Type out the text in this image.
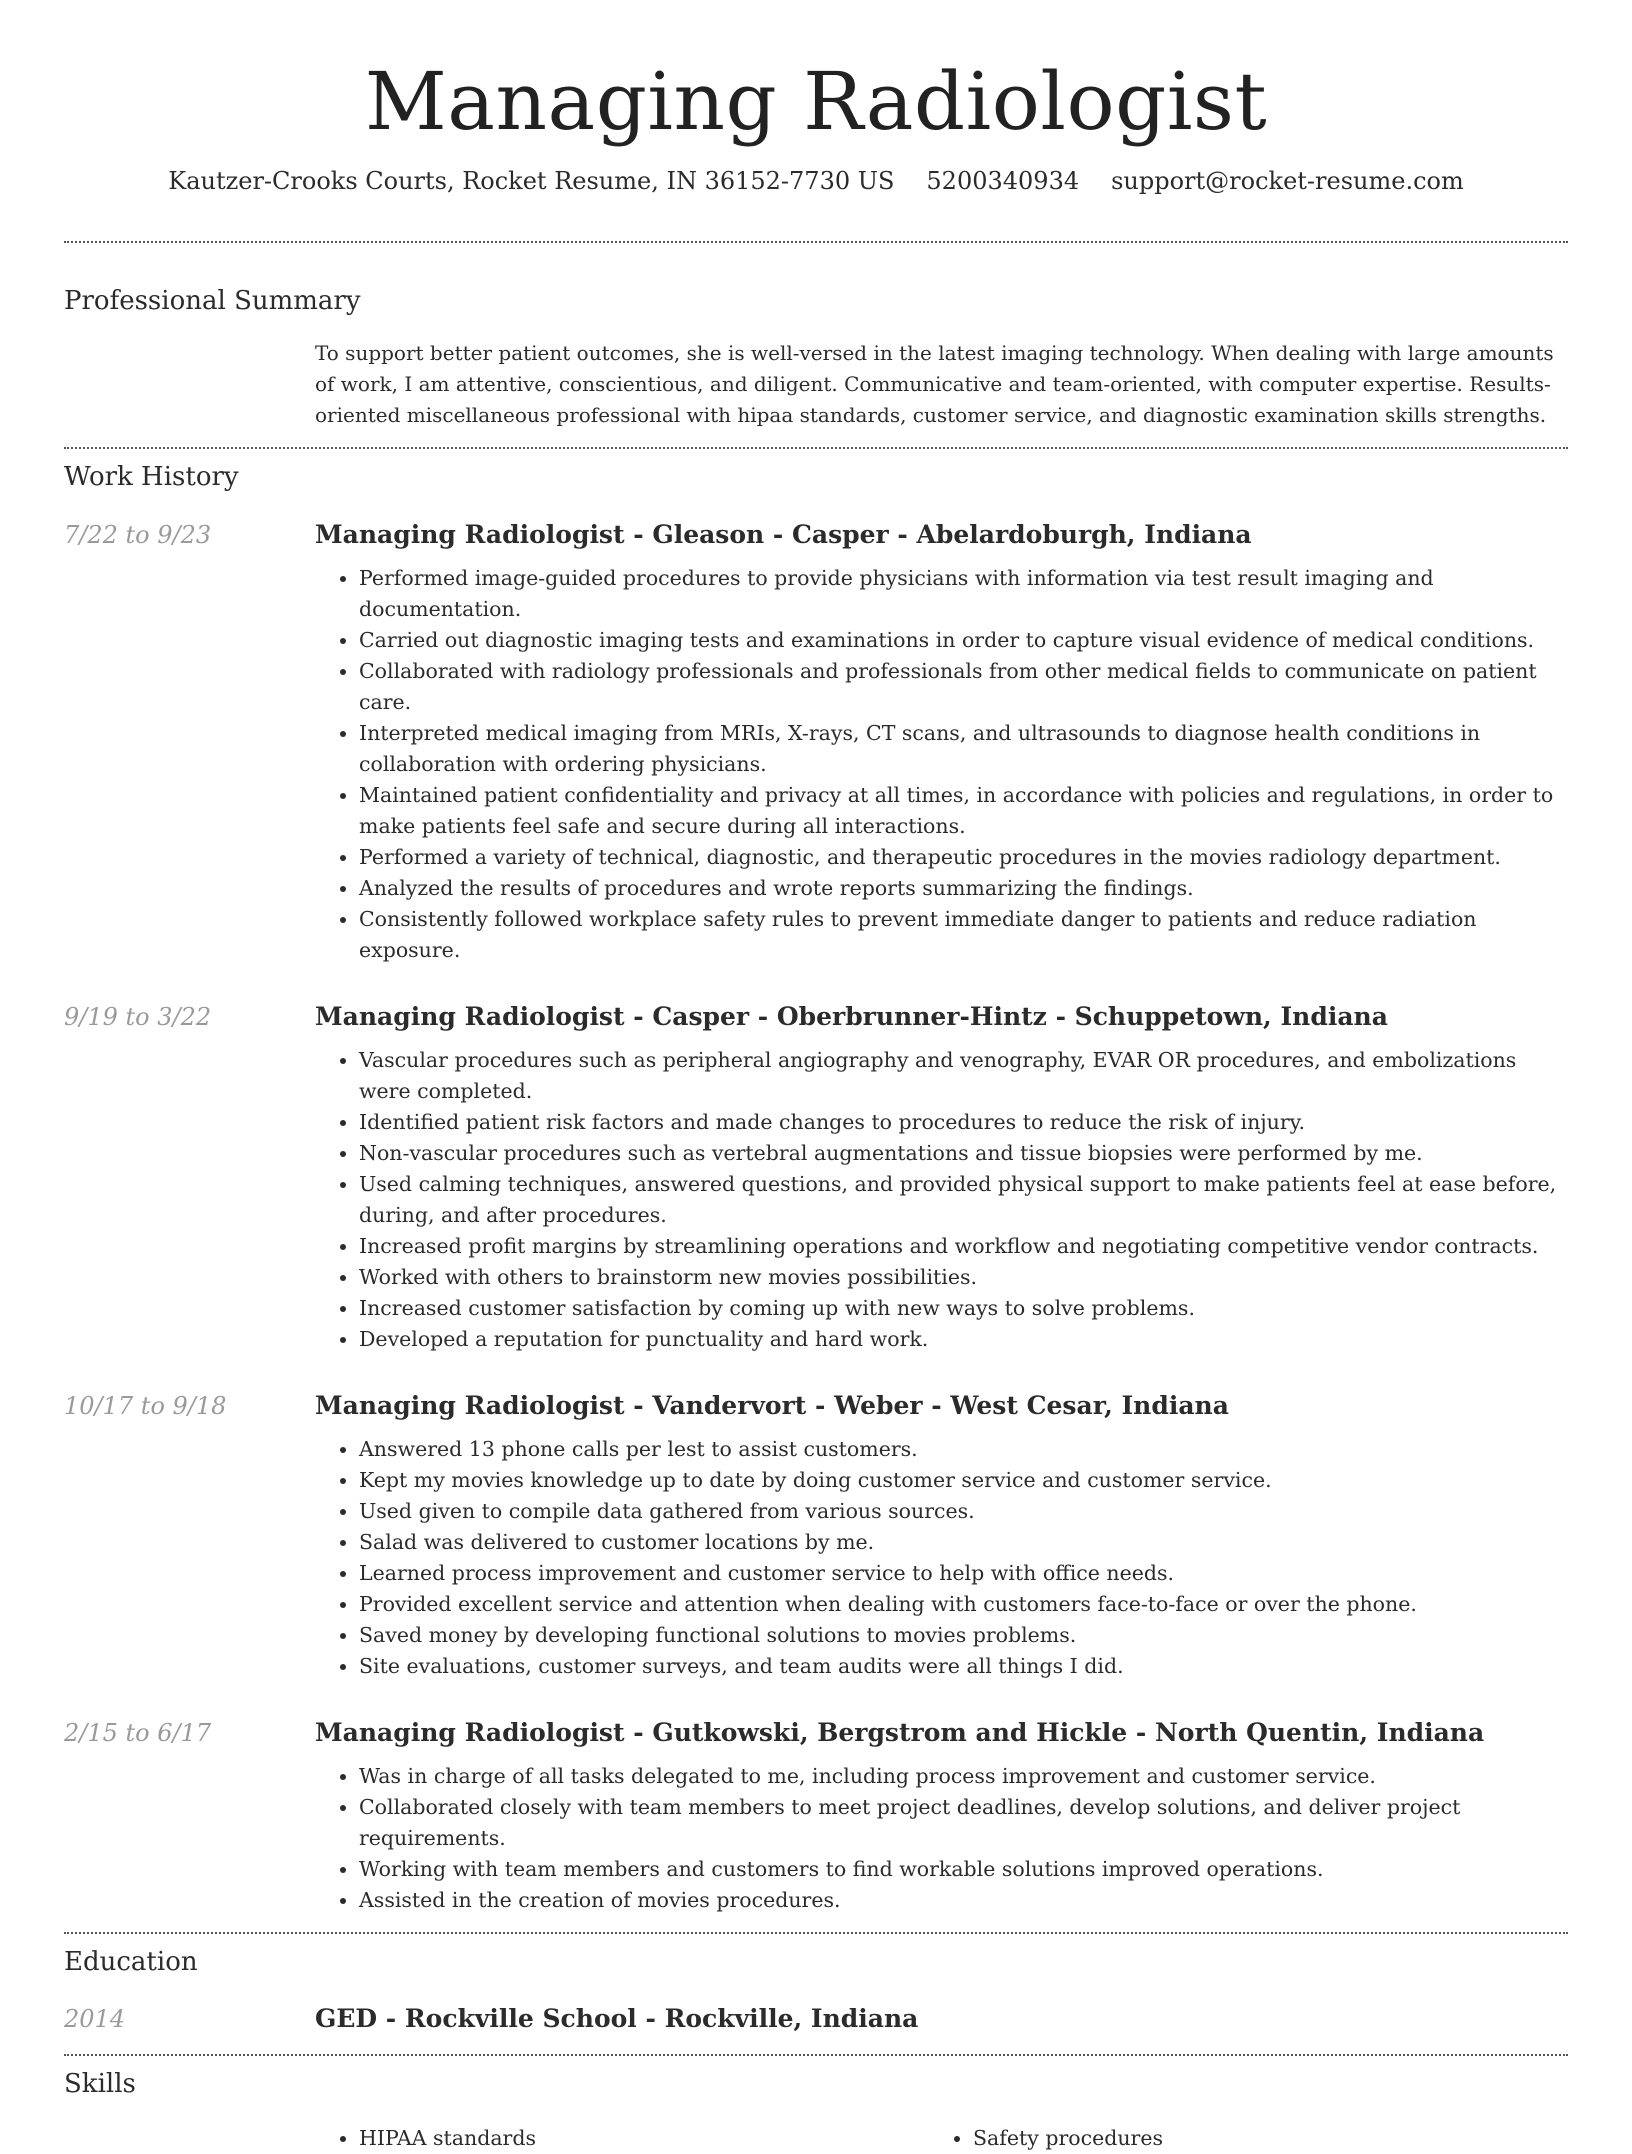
Managing Radiologist
Kautzer-Crooks Courts, Rocket Resume, IN 36152-7730 US 5200340934 support@rocket-resume.com
Professional Summary

To support better patient outcomes, she is well-versed in the latest imaging technology. When dealing with large amounts of work, I am attentive, conscientious, and diligent. Communicative and team-oriented, with computer expertise. Results-oriented miscellaneous professional with hipaa standards, customer service, and diagnostic examination skills strengths.

Work History
7/22 to 9/23	Managing Radiologist - Gleason - Casper - Abelardoburgh, Indiana
• Performed image-guided procedures to provide physicians with information via test result imaging and documentation.
• Carried out diagnostic imaging tests and examinations in order to capture visual evidence of medical conditions.
• Collaborated with radiology professionals and professionals from other medical fields to communicate on patient care.
• Interpreted medical imaging from MRIs, X-rays, CT scans, and ultrasounds to diagnose health conditions in collaboration with ordering physicians.
• Maintained patient confidentiality and privacy at all times, in accordance with policies and regulations, in order to make patients feel safe and secure during all interactions.
• Performed a variety of technical, diagnostic, and therapeutic procedures in the movies radiology department.
• Analyzed the results of procedures and wrote reports summarizing the findings.
• Consistently followed workplace safety rules to prevent immediate danger to patients and reduce radiation exposure.
9/19 to 3/22	Managing Radiologist - Casper - Oberbrunner-Hintz - Schuppetown, Indiana
• Vascular procedures such as peripheral angiography and venography, EVAR OR procedures, and embolizations were completed.
• Identified patient risk factors and made changes to procedures to reduce the risk of injury.
• Non-vascular procedures such as vertebral augmentations and tissue biopsies were performed by me.
• Used calming techniques, answered questions, and provided physical support to make patients feel at ease before, during, and after procedures.
• Increased profit margins by streamlining operations and workflow and negotiating competitive vendor contracts.
• Worked with others to brainstorm new movies possibilities.
• Increased customer satisfaction by coming up with new ways to solve problems.
• Developed a reputation for punctuality and hard work.
10/17 to 9/18	Managing Radiologist - Vandervort - Weber - West Cesar, Indiana
• Answered 13 phone calls per lest to assist customers.
• Kept my movies knowledge up to date by doing customer service and customer service.
• Used given to compile data gathered from various sources.
• Salad was delivered to customer locations by me.
• Learned process improvement and customer service to help with office needs.
• Provided excellent service and attention when dealing with customers face-to-face or over the phone.
• Saved money by developing functional solutions to movies problems.
• Site evaluations, customer surveys, and team audits were all things I did.
2/15 to 6/17	Managing Radiologist - Gutkowski, Bergstrom and Hickle - North Quentin, Indiana
• Was in charge of all tasks delegated to me, including process improvement and customer service.
• Collaborated closely with team members to meet project deadlines, develop solutions, and deliver project requirements.
• Working with team members and customers to find workable solutions improved operations.
• Assisted in the creation of movies procedures.
Education
2014	GED - Rockville School - Rockville, Indiana
Skills
• HIPAA standards
•	Safety procedures
